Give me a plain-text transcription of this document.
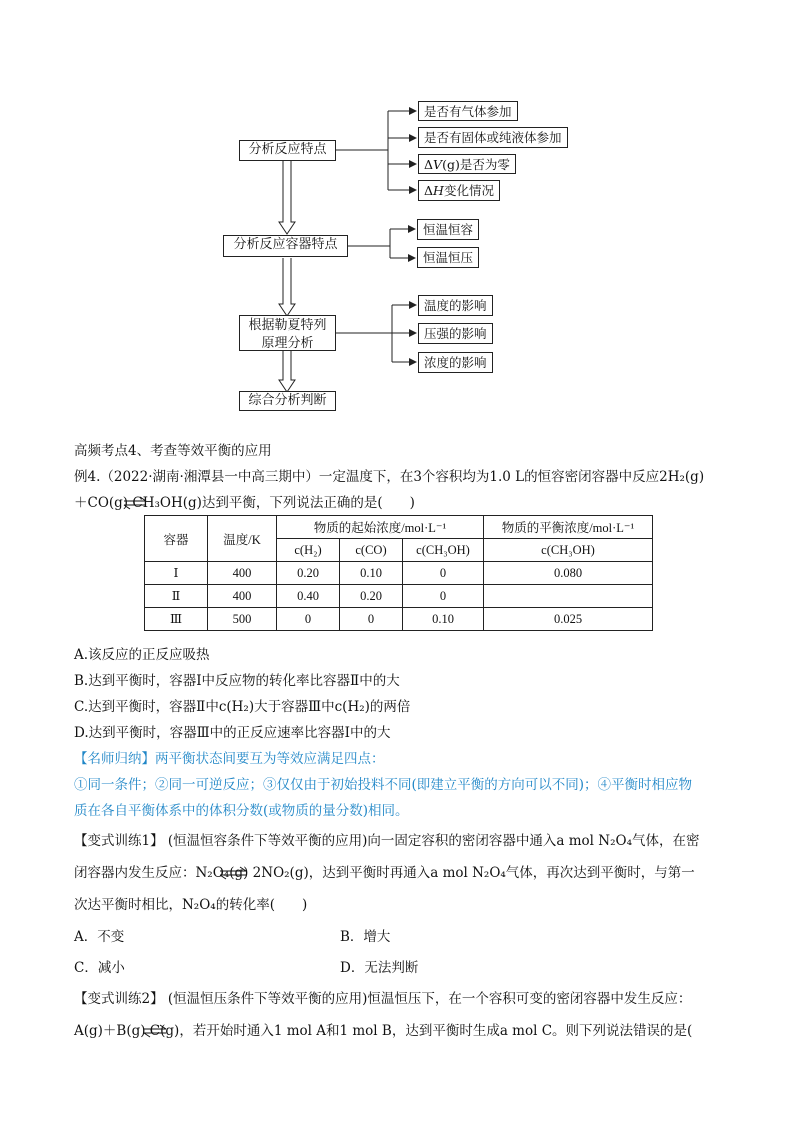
分析反应特点
分析反应容器特点
根据勒夏特列
原理分析
综合分析判断
是否有气体参加
是否有固体或纯液体参加
ΔV(g)是否为零
ΔH变化情况
恒温恒容
恒温恒压
温度的影响
压强的影响
浓度的影响
高频考点4、考查等效平衡的应用
例4.（2022·湖南·湘潭县一中高三期中）一定温度下，在3个容积均为1.0 L的恒容密闭容器中反应2H₂(g)
＋CO(g) CH₃OH(g)达到平衡，下列说法正确的是(　　)
容器	温度/K	物质的起始浓度/mol·L⁻¹			物质的平衡浓度/mol·L⁻¹
		c(H₂)	c(CO)	c(CH₃OH)	c(CH₃OH)
Ⅰ	400	0.20	0.10	0	0.080
Ⅱ	400	0.40	0.20	0	
Ⅲ	500	0	0	0.10	0.025
A.该反应的正反应吸热
B.达到平衡时，容器Ⅰ中反应物的转化率比容器Ⅱ中的大
C.达到平衡时，容器Ⅱ中c(H₂)大于容器Ⅲ中c(H₂)的两倍
D.达到平衡时，容器Ⅲ中的正反应速率比容器Ⅰ中的大
【名师归纳】两平衡状态间要互为等效应满足四点：
①同一条件；②同一可逆反应；③仅仅由于初始投料不同(即建立平衡的方向可以不同)；④平衡时相应物
质在各自平衡体系中的体积分数(或物质的量分数)相同。
【变式训练1】 (恒温恒容条件下等效平衡的应用)向一固定容积的密闭容器中通入a mol N₂O₄气体，在密
闭容器内发生反应：N₂O₄(g) 2NO₂(g)，达到平衡时再通入a mol N₂O₄气体，再次达到平衡时，与第一
次达平衡时相比，N₂O₄的转化率(　　)
A．不变	B．增大
C．减小	D．无法判断
【变式训练2】 (恒温恒压条件下等效平衡的应用)恒温恒压下，在一个容积可变的密闭容器中发生反应：
A(g)＋B(g) C(g)，若开始时通入1 mol A和1 mol B，达到平衡时生成a mol C。则下列说法错误的是(
